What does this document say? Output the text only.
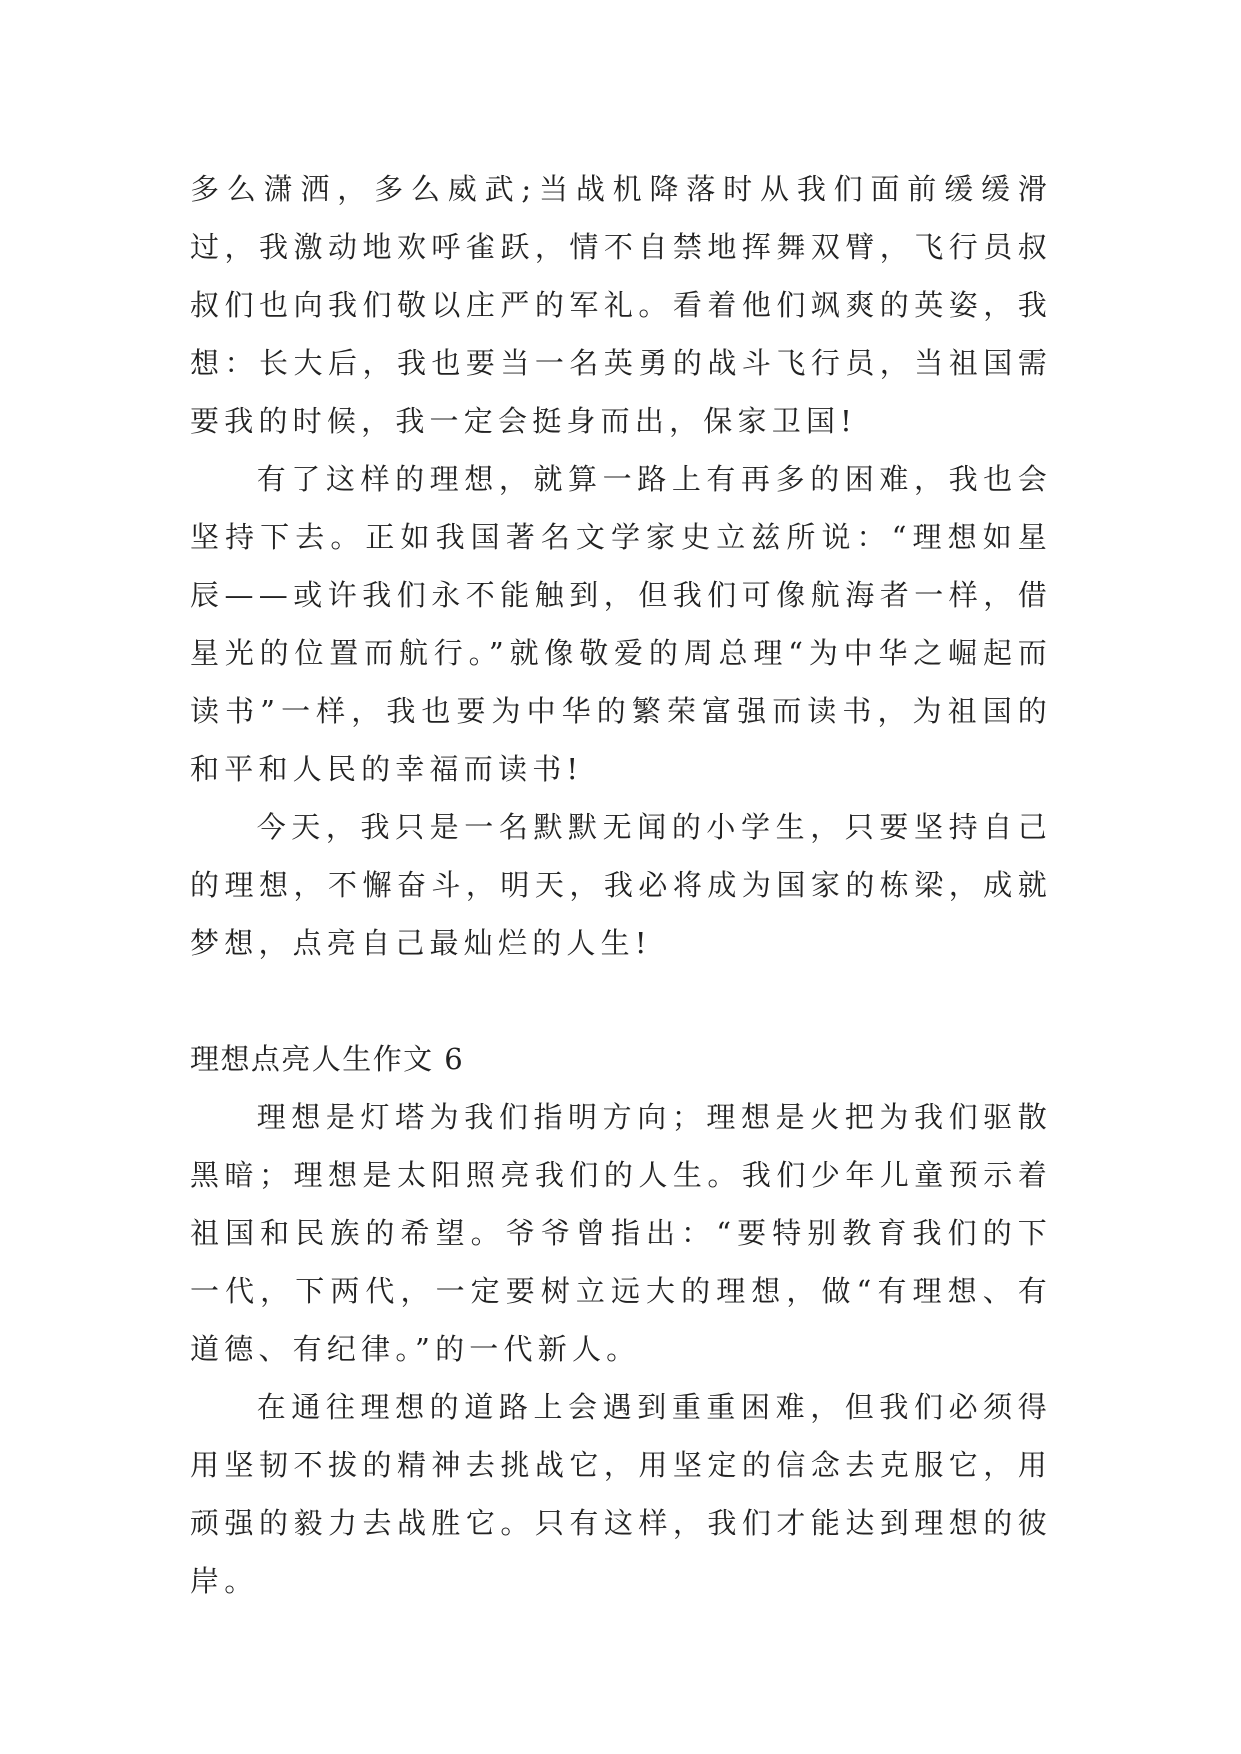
多么潇洒，多么威武;当战机降落时从我们面前缓缓滑过，我激动地欢呼雀跃，情不自禁地挥舞双臂，飞行员叔叔们也向我们敬以庄严的军礼。看着他们飒爽的英姿，我想：长大后，我也要当一名英勇的战斗飞行员，当祖国需要我的时候，我一定会挺身而出，保家卫国!

有了这样的理想，就算一路上有再多的困难，我也会坚持下去。正如我国著名文学家史立兹所说：“理想如星辰——或许我们永不能触到，但我们可像航海者一样，借星光的位置而航行。”就像敬爱的周总理“为中华之崛起而读书”一样，我也要为中华的繁荣富强而读书，为祖国的和平和人民的幸福而读书!

今天，我只是一名默默无闻的小学生，只要坚持自己的理想，不懈奋斗，明天，我必将成为国家的栋梁，成就梦想，点亮自己最灿烂的人生!

理想点亮人生作文 6

理想是灯塔为我们指明方向；理想是火把为我们驱散黑暗；理想是太阳照亮我们的人生。我们少年儿童预示着祖国和民族的希望。爷爷曾指出：“要特别教育我们的下一代，下两代，一定要树立远大的理想，做“有理想、有道德、有纪律。”的一代新人。

在通往理想的道路上会遇到重重困难，但我们必须得用坚韧不拔的精神去挑战它，用坚定的信念去克服它，用顽强的毅力去战胜它。只有这样，我们才能达到理想的彼岸。
